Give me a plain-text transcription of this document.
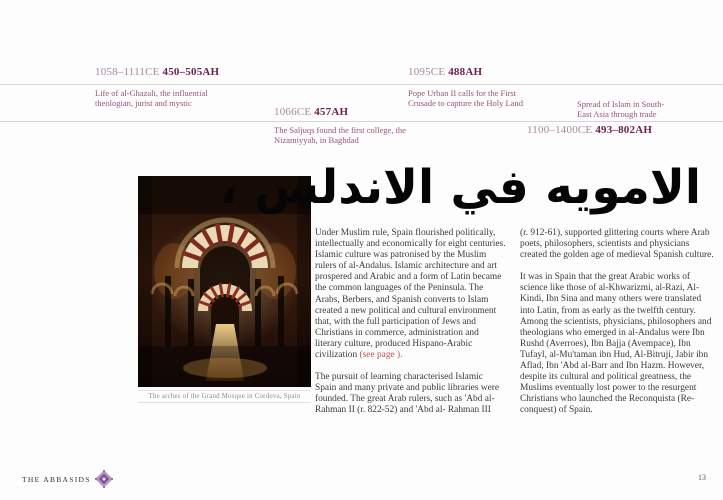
1058–1111CE 450–505AH
Life of al-Ghazali, the influential theologian, jurist and mystic
1066CE 457AH
The Saljuqs found the first college, the Nizamiyyah, in Baghdad
1095CE 488AH
Pope Urban II calls for the First Crusade to capture the Holy Land	Spread of Islam in South-East Asia through trade
1100–1400CE 493–802AH
The arches of the Grand Mosque in Cordova, Spain
الامويه في الاندلس ،

Under Muslim rule, Spain flourished politically, intellectually and economically for eight centuries. Islamic culture was patronised by the Muslim rulers of al-Andalus. Islamic architecture and art prospered and Arabic and a form of Latin became the common languages of the Peninsula. The Arabs, Berbers, and Spanish converts to Islam created a new political and cultural environment that, with the full participation of Jews and Christians in commerce, administration and literary culture, produced Hispano-Arabic civilization (see page ).

The pursuit of learning characterised Islamic Spain and many private and public libraries were founded. The great Arab rulers, such as 'Abd al-Rahman II (r. 822-52) and 'Abd al- Rahman III

(r. 912-61), supported glittering courts where Arab poets, philosophers, scientists and physicians created the golden age of medieval Spanish culture.

It was in Spain that the great Arabic works of science like those of al-Khwarizmi, al-Razi, Al-Kindi, Ibn Sina and many others were translated into Latin, from as early as the twelfth century. Among the scientists, physicians, philosophers and theologians who emerged in al-Andalus were Ibn Rushd (Averroes), Ibn Bajja (Avempace), Ibn Tufayl, al-Mu'taman ibn Hud, Al-Bitruji, Jabir ibn Aflad, Ibn 'Abd al-Barr and Ibn Hazm. However, despite its cultural and political greatness, the Muslims eventually lost power to the resurgent Christians who launched the Reconquista (Re-conquest) of Spain.

THE ABBASIDS	13
